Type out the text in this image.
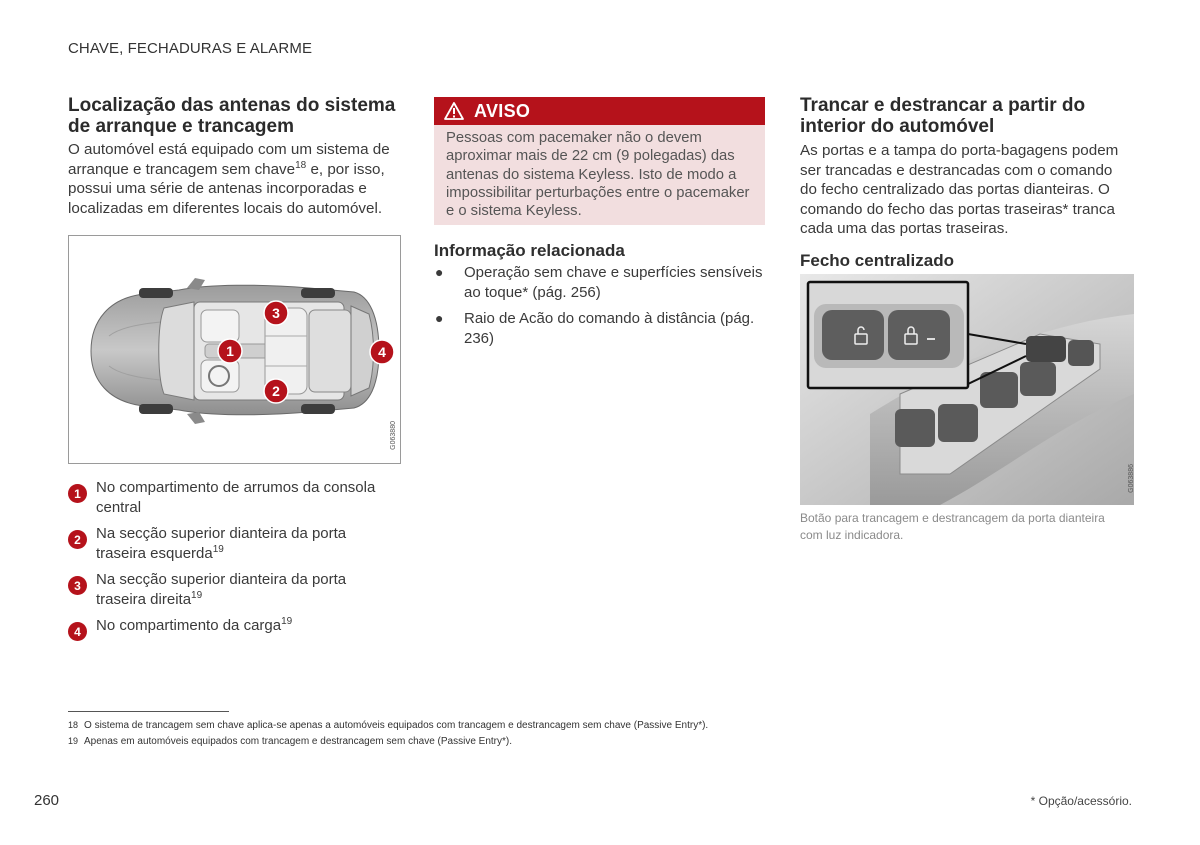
CHAVE, FECHADURAS E ALARME
Localização das antenas do sistema de arranque e trancagem
O automóvel está equipado com um sistema de arranque e trancagem sem chave$^{18}$ e, por isso, possui uma série de antenas incorporadas e localizadas em diferentes locais do automóvel.
1
2
3
4
G063880
1	No compartimento de arrumos da consola central
2	Na secção superior dianteira da porta traseira esquerda$^{19}$
3	Na secção superior dianteira da porta traseira direita$^{19}$
4	No compartimento da carga$^{19}$
AVISO
Pessoas com pacemaker não o devem aproximar mais de 22 cm (9 polegadas) das antenas do sistema Keyless. Isto de modo a impossibilitar perturbações entre o pacemaker e o sistema Keyless.
Informação relacionada
●	Operação sem chave e superfícies sensíveis ao toque* (pág. 256)
●	Raio de Acão do comando à distância (pág. 236)
Trancar e destrancar a partir do interior do automóvel
As portas e a tampa do porta-bagagens podem ser trancadas e destrancadas com o comando do fecho centralizado das portas dianteiras. O comando do fecho das portas traseiras* tranca cada uma das portas traseiras.
Fecho centralizado
G063886
Botão para trancagem e destrancagem da porta dianteira com luz indicadora.
18 O sistema de trancagem sem chave aplica-se apenas a automóveis equipados com trancagem e destrancagem sem chave (Passive Entry*).
19 Apenas em automóveis equipados com trancagem e destrancagem sem chave (Passive Entry*).
260	* Opção/acessório.
